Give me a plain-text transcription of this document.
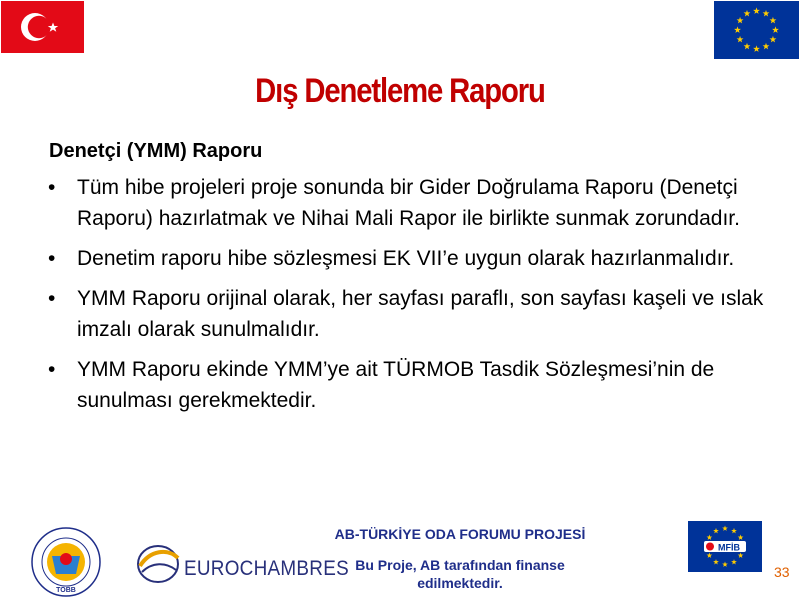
Dış Denetleme Raporu
Denetçi (YMM) Raporu
• Tüm hibe projeleri proje sonunda bir Gider Doğrulama Raporu (Denetçi Raporu) hazırlatmak ve Nihai Mali Rapor ile birlikte sunmak zorundadır.
• Denetim raporu hibe sözleşmesi EK VII’e uygun olarak hazırlanmalıdır.
• YMM Raporu orijinal olarak, her sayfası paraflı, son sayfası kaşeli ve ıslak imzalı olarak sunulmalıdır.
• YMM Raporu ekinde YMM’ye ait TÜRMOB Tasdik Sözleşmesi’nin de sunulması gerekmektedir.
TOBB
EUROCHAMBRES
AB-TÜRKİYE ODA FORUMU PROJESİ
Bu Proje, AB tarafından finanse
edilmektedir.
MFİB
33
